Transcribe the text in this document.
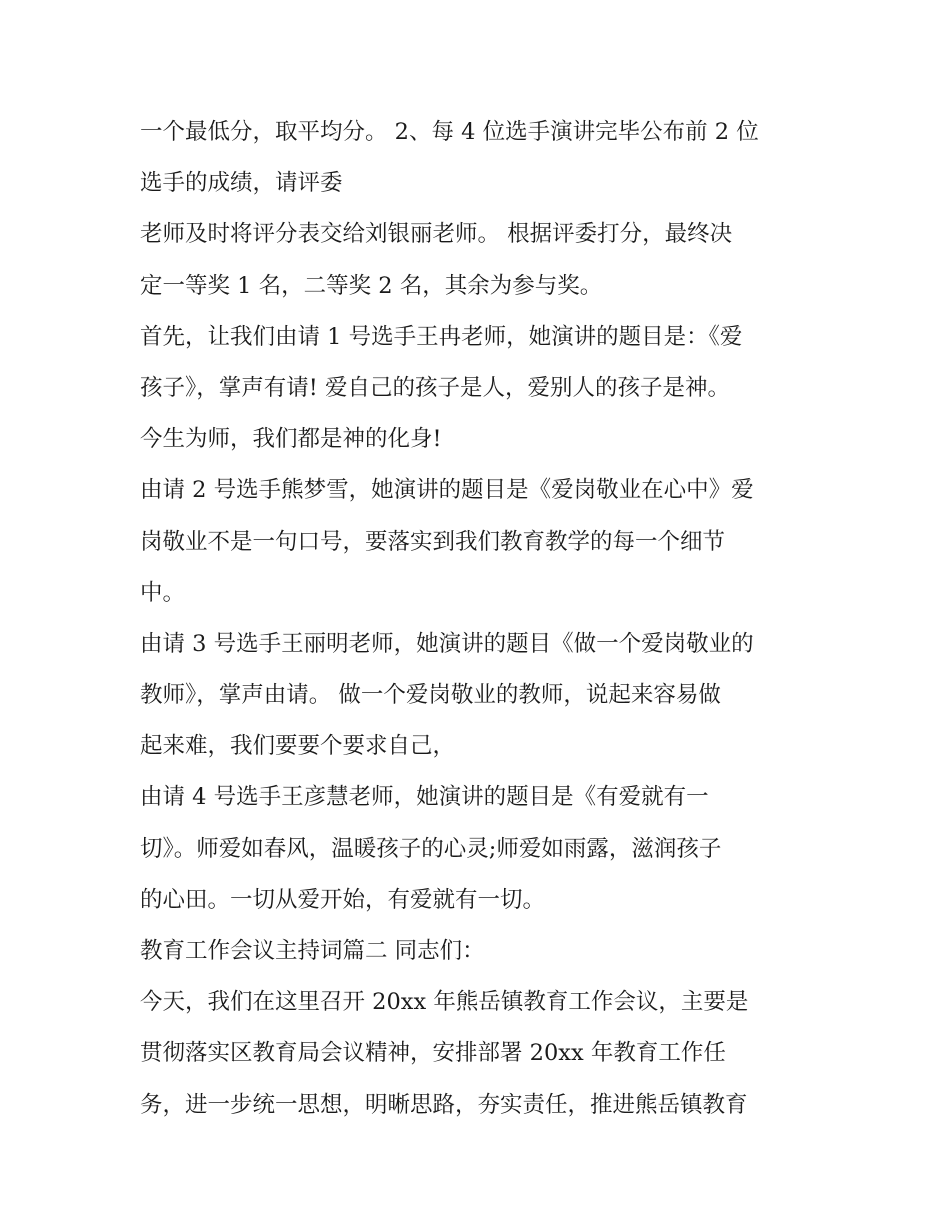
一个最低分，取平均分。 2、每 4 位选手演讲完毕公布前 2 位
选手的成绩，请评委
老师及时将评分表交给刘银丽老师。 根据评委打分，最终决
定一等奖 1 名，二等奖 2 名，其余为参与奖。
首先，让我们由请 1 号选手王冉老师，她演讲的题目是：《爱
孩子》，掌声有请! 爱自己的孩子是人，爱别人的孩子是神。
今生为师，我们都是神的化身!
由请 2 号选手熊梦雪，她演讲的题目是《爱岗敬业在心中》爱
岗敬业不是一句口号，要落实到我们教育教学的每一个细节
中。
由请 3 号选手王丽明老师，她演讲的题目《做一个爱岗敬业的
教师》，掌声由请。 做一个爱岗敬业的教师，说起来容易做
起来难，我们要要个要求自己，
由请 4 号选手王彦慧老师，她演讲的题目是《有爱就有一
切》。师爱如春风，温暖孩子的心灵;师爱如雨露，滋润孩子
的心田。一切从爱开始，有爱就有一切。
教育工作会议主持词篇二 同志们：
今天，我们在这里召开 20xx 年熊岳镇教育工作会议，主要是
贯彻落实区教育局会议精神，安排部署 20xx 年教育工作任
务，进一步统一思想，明晰思路，夯实责任，推进熊岳镇教育
